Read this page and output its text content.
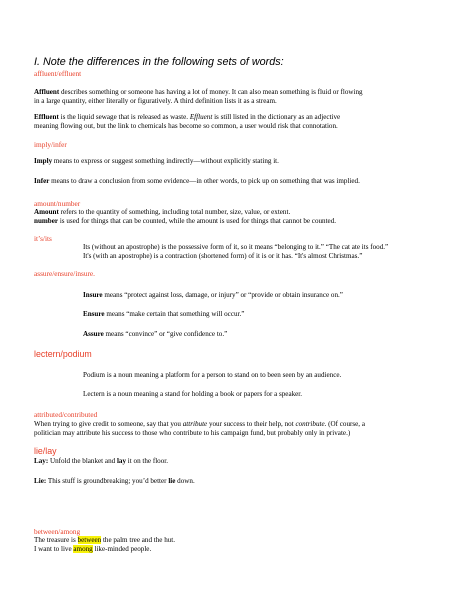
I. Note the differences in the following sets of words:

affluent/effluent

Affluent describes something or someone has having a lot of money. It can also mean something is fluid or flowing

in a large quantity, either literally or figuratively. A third definition lists it as a stream.

Effluent is the liquid sewage that is released as waste. Effluent is still listed in the dictionary as an adjective

meaning flowing out, but the link to chemicals has become so common, a user would risk that connotation.

imply/infer

Imply means to express or suggest something indirectly—without explicitly stating it.

Infer means to draw a conclusion from some evidence—in other words, to pick up on something that was implied.

amount/number

Amount refers to the quantity of something, including total number, size, value, or extent.

number is used for things that can be counted, while the amount is used for things that cannot be counted.

it’s/its

Its (without an apostrophe) is the possessive form of it, so it means “belonging to it.” “The cat ate its food.”

It's (with an apostrophe) is a contraction (shortened form) of it is or it has. “It's almost Christmas.”

assure/ensure/insure.

Insure means “protect against loss, damage, or injury” or “provide or obtain insurance on.”

Ensure means “make certain that something will occur.”

Assure means “convince” or “give confidence to.”

lectern/podium

Podium is a noun meaning a platform for a person to stand on to been seen by an audience.

Lectern is a noun meaning a stand for holding a book or papers for a speaker.

attributed/contributed

When trying to give credit to someone, say that you attribute your success to their help, not contribute. (Of course, a

politician may attribute his success to those who contribute to his campaign fund, but probably only in private.)

lie/lay

Lay: Unfold the blanket and lay it on the floor.

Lie: This stuff is groundbreaking; you’d better lie down.

between/among

The treasure is between the palm tree and the hut.

I want to live among like-minded people.
